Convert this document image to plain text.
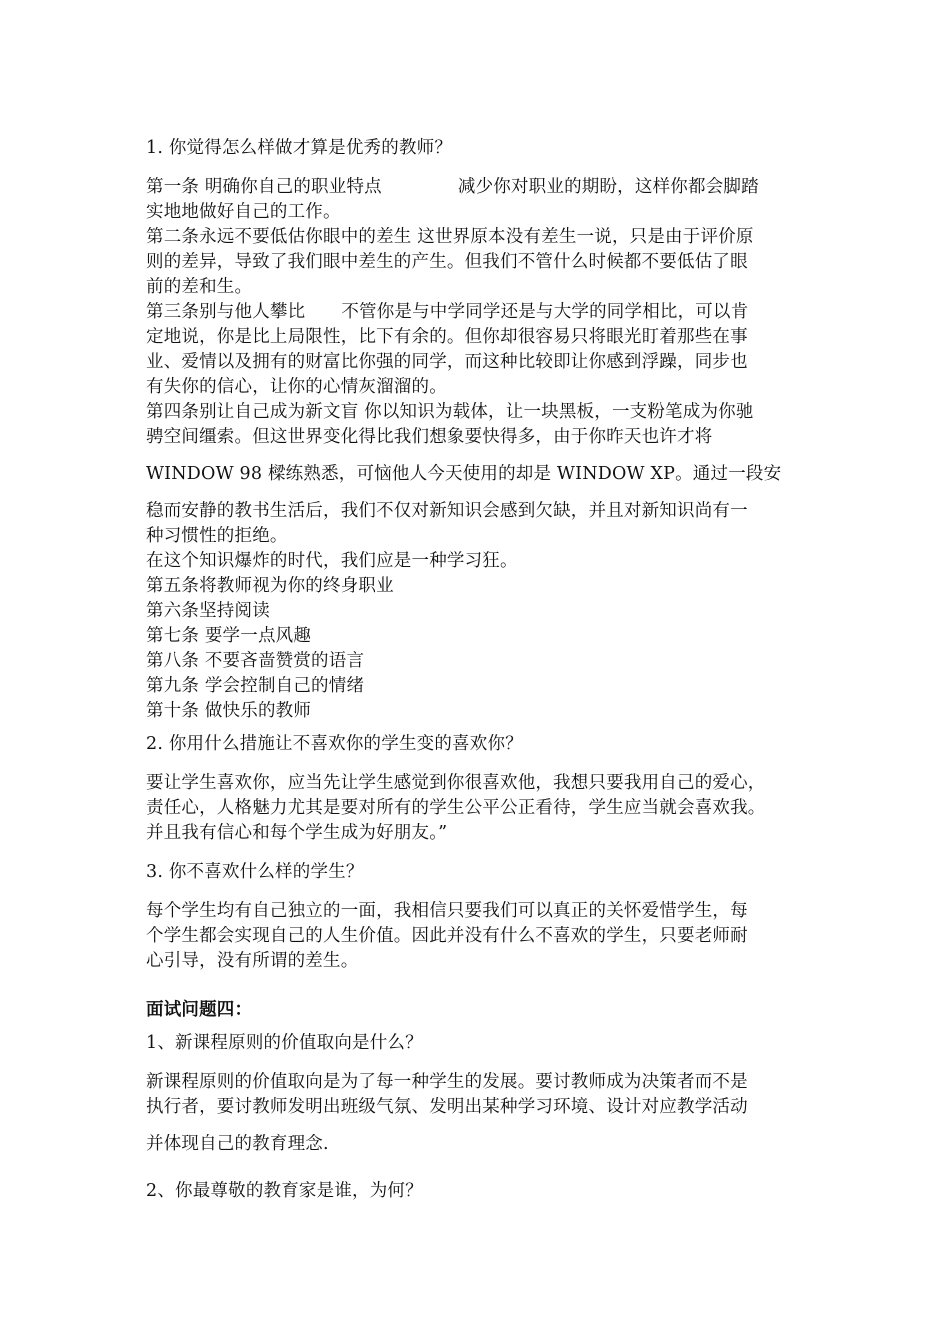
1. 你觉得怎么样做才算是优秀的教师？
第一条 明确你自己的职业特点	减少你对职业的期盼，这样你都会脚踏
实地地做好自己的工作。
第二条永远不要低估你眼中的差生 这世界原本没有差生一说，只是由于评价原
则的差异，导致了我们眼中差生的产生。但我们不管什么时候都不要低估了眼
前的差和生。
第三条别与他人攀比 不管你是与中学同学还是与大学的同学相比，可以肯
定地说，你是比上局限性，比下有余的。但你却很容易只将眼光盯着那些在事
业、爱情以及拥有的财富比你强的同学，而这种比较即让你感到浮躁，同步也
有失你的信心，让你的心情灰溜溜的。
第四条别让自己成为新文盲 你以知识为载体，让一块黑板，一支粉笔成为你驰
骋空间缰索。但这世界变化得比我们想象要快得多，由于你昨天也许才将
WINDOW 98 樑练熟悉，可恼他人今天使用的却是 WINDOW XP。通过一段安
稳而安静的教书生活后，我们不仅对新知识会感到欠缺，并且对新知识尚有一
种习惯性的拒绝。
在这个知识爆炸的时代，我们应是一种学习狂。
第五条将教师视为你的终身职业
第六条坚持阅读
第七条 要学一点风趣
第八条 不要吝啬赞赏的语言
第九条 学会控制自己的情绪
第十条 做快乐的教师
2. 你用什么措施让不喜欢你的学生变的喜欢你？
要让学生喜欢你，应当先让学生感觉到你很喜欢他，我想只要我用自己的爱心，
责任心，人格魅力尤其是要对所有的学生公平公正看待，学生应当就会喜欢我。
并且我有信心和每个学生成为好朋友。”
3. 你不喜欢什么样的学生？
每个学生均有自己独立的一面，我相信只要我们可以真正的关怀爱惜学生，每
个学生都会实现自己的人生价值。因此并没有什么不喜欢的学生，只要老师耐
心引导，没有所谓的差生。
面试问题四：
1、新课程原则的价值取向是什么？
新课程原则的价值取向是为了每一种学生的发展。要讨教师成为决策者而不是
执行者，要讨教师发明出班级气氛、发明出某种学习环境、设计对应教学活动
并体现自己的教育理念.
2、你最尊敬的教育家是谁，为何？
